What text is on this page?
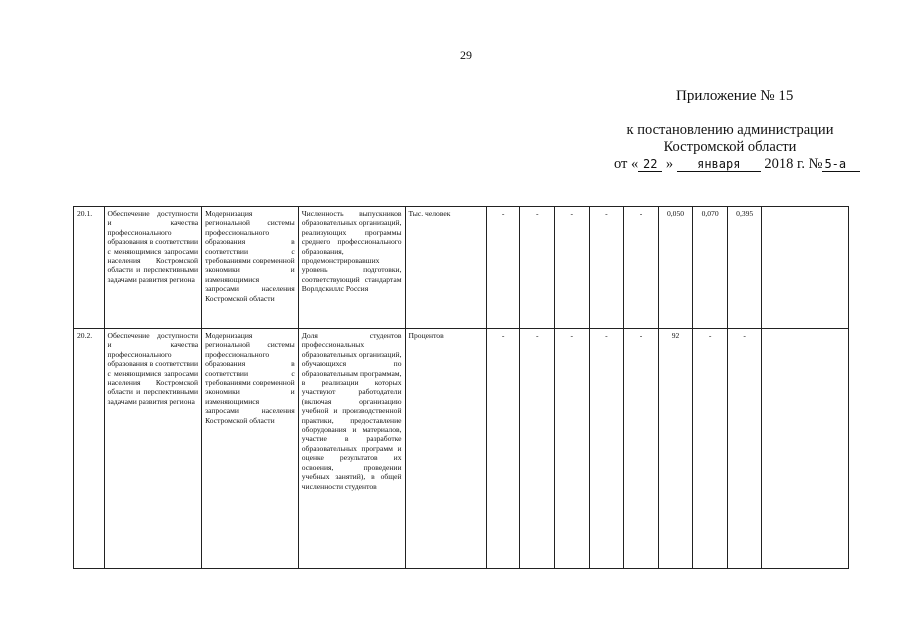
29
Приложение № 15
к постановлению администрации
Костромской области
от « 22 » января 2018 г. № 5-а
20.1.	Обеспечение доступности и качества профессионального образования в соответствии с меняющимися запросами населения Костромской области и перспективными задачами развития региона	Модернизация региональной системы профессионального образования в соответствии с требованиями современной экономики и изменяющимися запросами населения Костромской области	Численность выпускников образовательных организаций, реализующих программы среднего профессионального образования, продемонстрировавших уровень подготовки, соответствующий стандартам Ворлдскиллс Россия	Тыс. человек	-	-	-	-	-	0,050	0,070	0,395	
20.2.	Обеспечение доступности и качества профессионального образования в соответствии с меняющимися запросами населения Костромской области и перспективными задачами развития региона	Модернизация региональной системы профессионального образования в соответствии с требованиями современной экономики и изменяющимися запросами населения Костромской области	Доля студентов профессиональных образовательных организаций, обучающихся по образовательным программам, в реализации которых участвуют работодатели (включая организацию учебной и производственной практики, предоставление оборудования и материалов, участие в разработке образовательных программ и оценке результатов их освоения, проведении учебных занятий), в общей численности студентов	Процентов	-	-	-	-	-	92	-	-	
